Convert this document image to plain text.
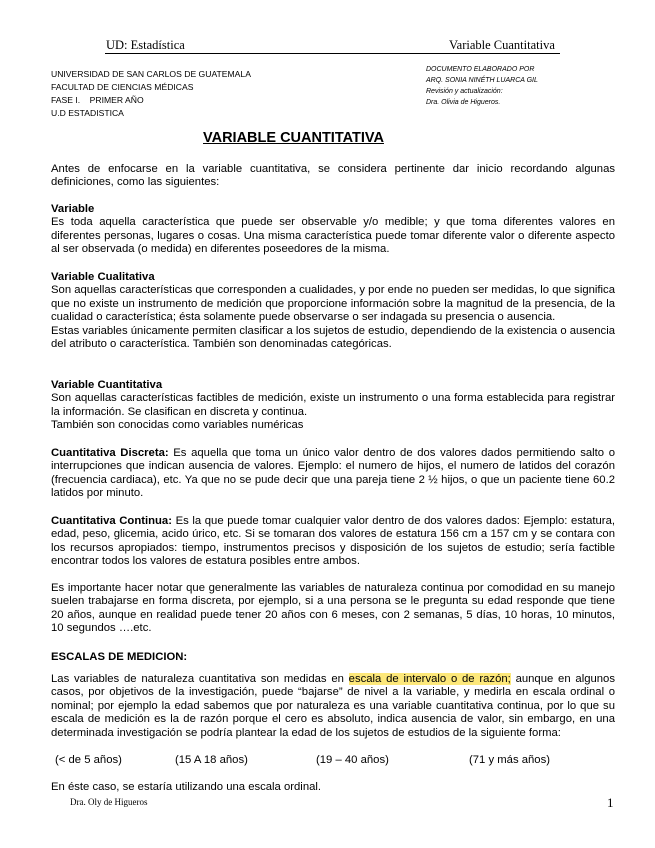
UD: Estadística	Variable Cuantitativa
UNIVERSIDAD DE SAN CARLOS DE GUATEMALA
FACULTAD DE CIENCIAS MÉDICAS
FASE I.    PRIMER AÑO
U.D ESTADISTICA
DOCUMENTO ELABORADO POR
ARQ. SONIA NINÉTH LUARCA GIL
Revisión y actualización:
Dra. Olivia de Higueros.
VARIABLE CUANTITATIVA

Antes de enfocarse en la variable cuantitativa, se considera pertinente dar inicio recordando algunas definiciones, como las siguientes:

Variable

Es toda aquella característica que puede ser observable y/o medible; y que toma diferentes valores en diferentes personas, lugares o cosas. Una misma característica puede tomar diferente valor o diferente aspecto al ser observada (o medida) en diferentes poseedores de la misma.

Variable Cualitativa

Son aquellas características que corresponden a cualidades, y por ende no pueden ser medidas, lo que significa que no existe un instrumento de medición que proporcione información sobre la magnitud de la presencia, de la cualidad o característica; ésta solamente puede observarse o ser indagada su presencia o ausencia.

Estas variables únicamente permiten clasificar a los sujetos de estudio, dependiendo de la existencia o ausencia del atributo o característica. También son denominadas categóricas.

Variable Cuantitativa

Son aquellas características factibles de medición, existe un instrumento o una forma establecida para registrar la información. Se clasifican en discreta y continua.

También son conocidas como variables numéricas

Cuantitativa Discreta: Es aquella que toma un único valor dentro de dos valores dados permitiendo salto o interrupciones que indican ausencia de valores. Ejemplo: el numero de hijos, el numero de latidos del corazón (frecuencia cardiaca), etc. Ya que no se pude decir que una pareja tiene 2 ½ hijos, o que un paciente tiene 60.2 latidos por minuto.

Cuantitativa Continua: Es la que puede tomar cualquier valor dentro de dos valores dados: Ejemplo: estatura, edad, peso, glicemia, acido úrico, etc. Si se tomaran dos valores de estatura 156 cm a 157 cm y se contara con los recursos apropiados: tiempo, instrumentos precisos y disposición de los sujetos de estudio; sería factible encontrar todos los valores de estatura posibles entre ambos.

Es importante hacer notar que generalmente las variables de naturaleza continua por comodidad en su manejo suelen trabajarse en forma discreta, por ejemplo, si a una persona se le pregunta su edad responde que tiene 20 años, aunque en realidad puede tener 20 años con 6 meses, con 2 semanas, 5 días, 10 horas, 10 minutos, 10 segundos ….etc.

ESCALAS DE MEDICION:

Las variables de naturaleza cuantitativa son medidas en escala de intervalo o de razón; aunque en algunos casos, por objetivos de la investigación, puede “bajarse” de nivel a la variable, y medirla en escala ordinal o nominal; por ejemplo la edad sabemos que por naturaleza es una variable cuantitativa continua, por lo que su escala de medición es la de razón porque el cero es absoluto, indica ausencia de valor, sin embargo, en una determinada investigación se podría plantear la edad de los sujetos de estudios de la siguiente forma:

(< de 5 años)	(15 A 18 años)	(19 – 40 años)	(71 y más años)

En éste caso, se estaría utilizando una escala ordinal.

Dra. Oly de Higueros	1
